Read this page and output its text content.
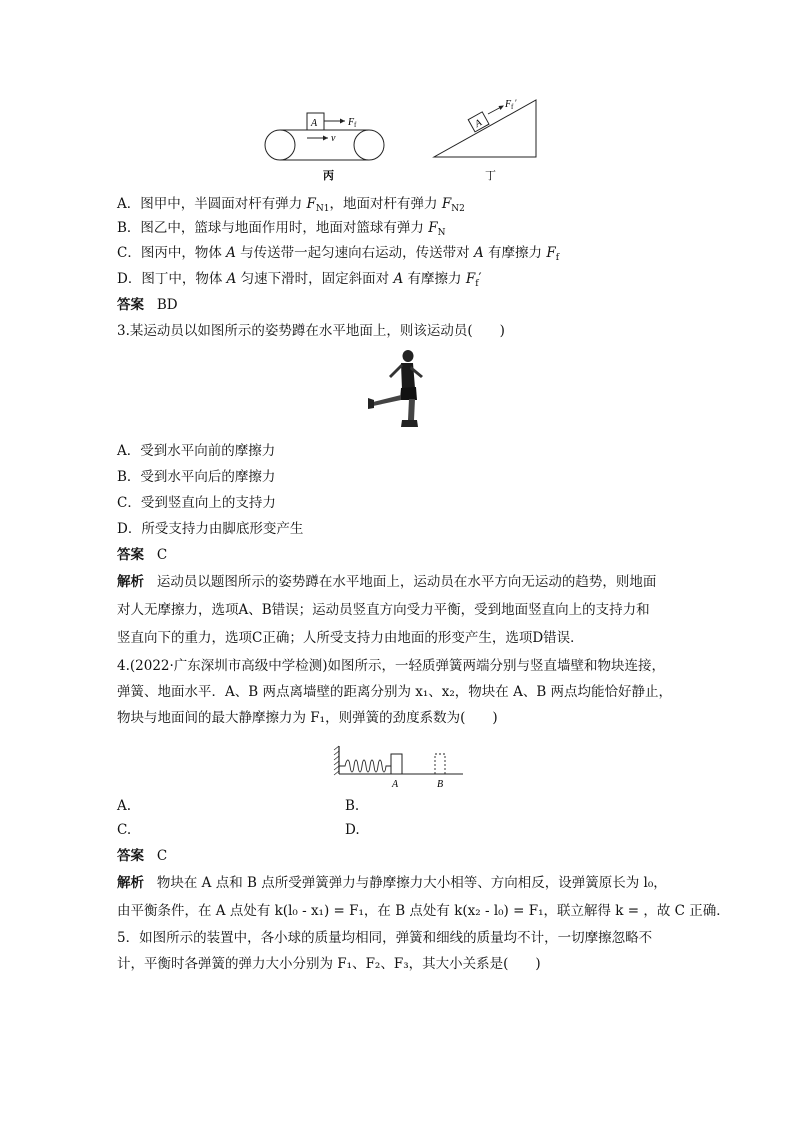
A	F f
v
丙
A
F f ′
丁
A．图甲中，半圆面对杆有弹力 $F_{N1}$，地面对杆有弹力 $F_{N2}$
B．图乙中，篮球与地面作用时，地面对篮球有弹力 $F_N$
C．图丙中，物体 A 与传送带一起匀速向右运动，传送带对 A 有摩擦力 $F_f$
D．图丁中，物体 A 匀速下滑时，固定斜面对 A 有摩擦力 $F_f'$
答案 BD
3.某运动员以如图所示的姿势蹲在水平地面上，则该运动员(　　)
A．受到水平向前的摩擦力
B．受到水平向后的摩擦力
C．受到竖直向上的支持力
D．所受支持力由脚底形变产生
答案 C
解析 运动员以题图所示的姿势蹲在水平地面上，运动员在水平方向无运动的趋势，则地面
对人无摩擦力，选项A、B错误；运动员竖直方向受力平衡，受到地面竖直向上的支持力和
竖直向下的重力，选项C正确；人所受支持力由地面的形变产生，选项D错误．
4.(2022·广东深圳市高级中学检测)如图所示，一轻质弹簧两端分别与竖直墙壁和物块连接，
弹簧、地面水平．A、B 两点离墙壁的距离分别为 x₁、x₂，物块在 A、B 两点均能恰好静止，
物块与地面间的最大静摩擦力为 F₁，则弹簧的劲度系数为(　　)
A	B
A.	B.
C.	D.
答案 C
解析 物块在 A 点和 B 点所受弹簧弹力与静摩擦力大小相等、方向相反，设弹簧原长为 l₀，
由平衡条件，在 A 点处有 k(l₀ - x₁) = F₁，在 B 点处有 k(x₂ - l₀) = F₁，联立解得 k = ，故 C 正确．
5．如图所示的装置中，各小球的质量均相同，弹簧和细线的质量均不计，一切摩擦忽略不
计，平衡时各弹簧的弹力大小分别为 F₁、F₂、F₃，其大小关系是(　　)
